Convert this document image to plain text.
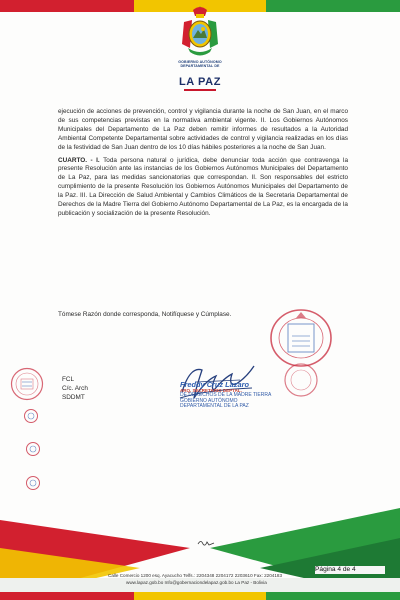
GOBIERNO AUTÓNOMO
DEPARTAMENTAL DE
LA PAZ

ejecución de acciones de prevención, control y vigilancia durante la noche de San Juan, en el marco de sus competencias previstas en la normativa ambiental vigente. II. Los Gobiernos Autónomos Municipales del Departamento de La Paz deben remitir informes de resultados a la Autoridad Ambiental Competente Departamental sobre actividades de control y vigilancia realizadas en los días de la festividad de San Juan dentro de los 10 días hábiles posteriores a la noche de San Juan.

CUARTO. - I. Toda persona natural o jurídica, debe denunciar toda acción que contravenga la presente Resolución ante las instancias de los Gobiernos Autónomos Municipales del Departamento de La Paz, para las medidas sancionatorias que correspondan. II. Son responsables del estricto cumplimiento de la presente Resolución los Gobiernos Autónomos Municipales del Departamento de la Paz. III. La Dirección de Salud Ambiental y Cambios Climáticos de la Secretaria Departamental de Derechos de la Madre Tierra del Gobierno Autónomo Departamental de La Paz, es la encargada de la publicación y socialización de la presente Resolución.

Tómese Razón donde corresponda, Notifíquese y Cúmplase.
FCL
C/c. Arch
SDDMT
Freddy Cruz Lazaro
ARQ. SECRETARIO DEPTAL.
DE DERECHOS DE LA MADRE TIERRA
GOBIERNO AUTÓNOMO DEPARTAMENTAL DE LA PAZ
Calle Comercio 1200 esq. Ayacucho Telfs.: 2204348 2204172 2203610 Fax: 2204183
www.lapaz.gob.bo Info@gobernaciondelapaz.gob.bo La Paz - Bolivia
Página 4 de 4
